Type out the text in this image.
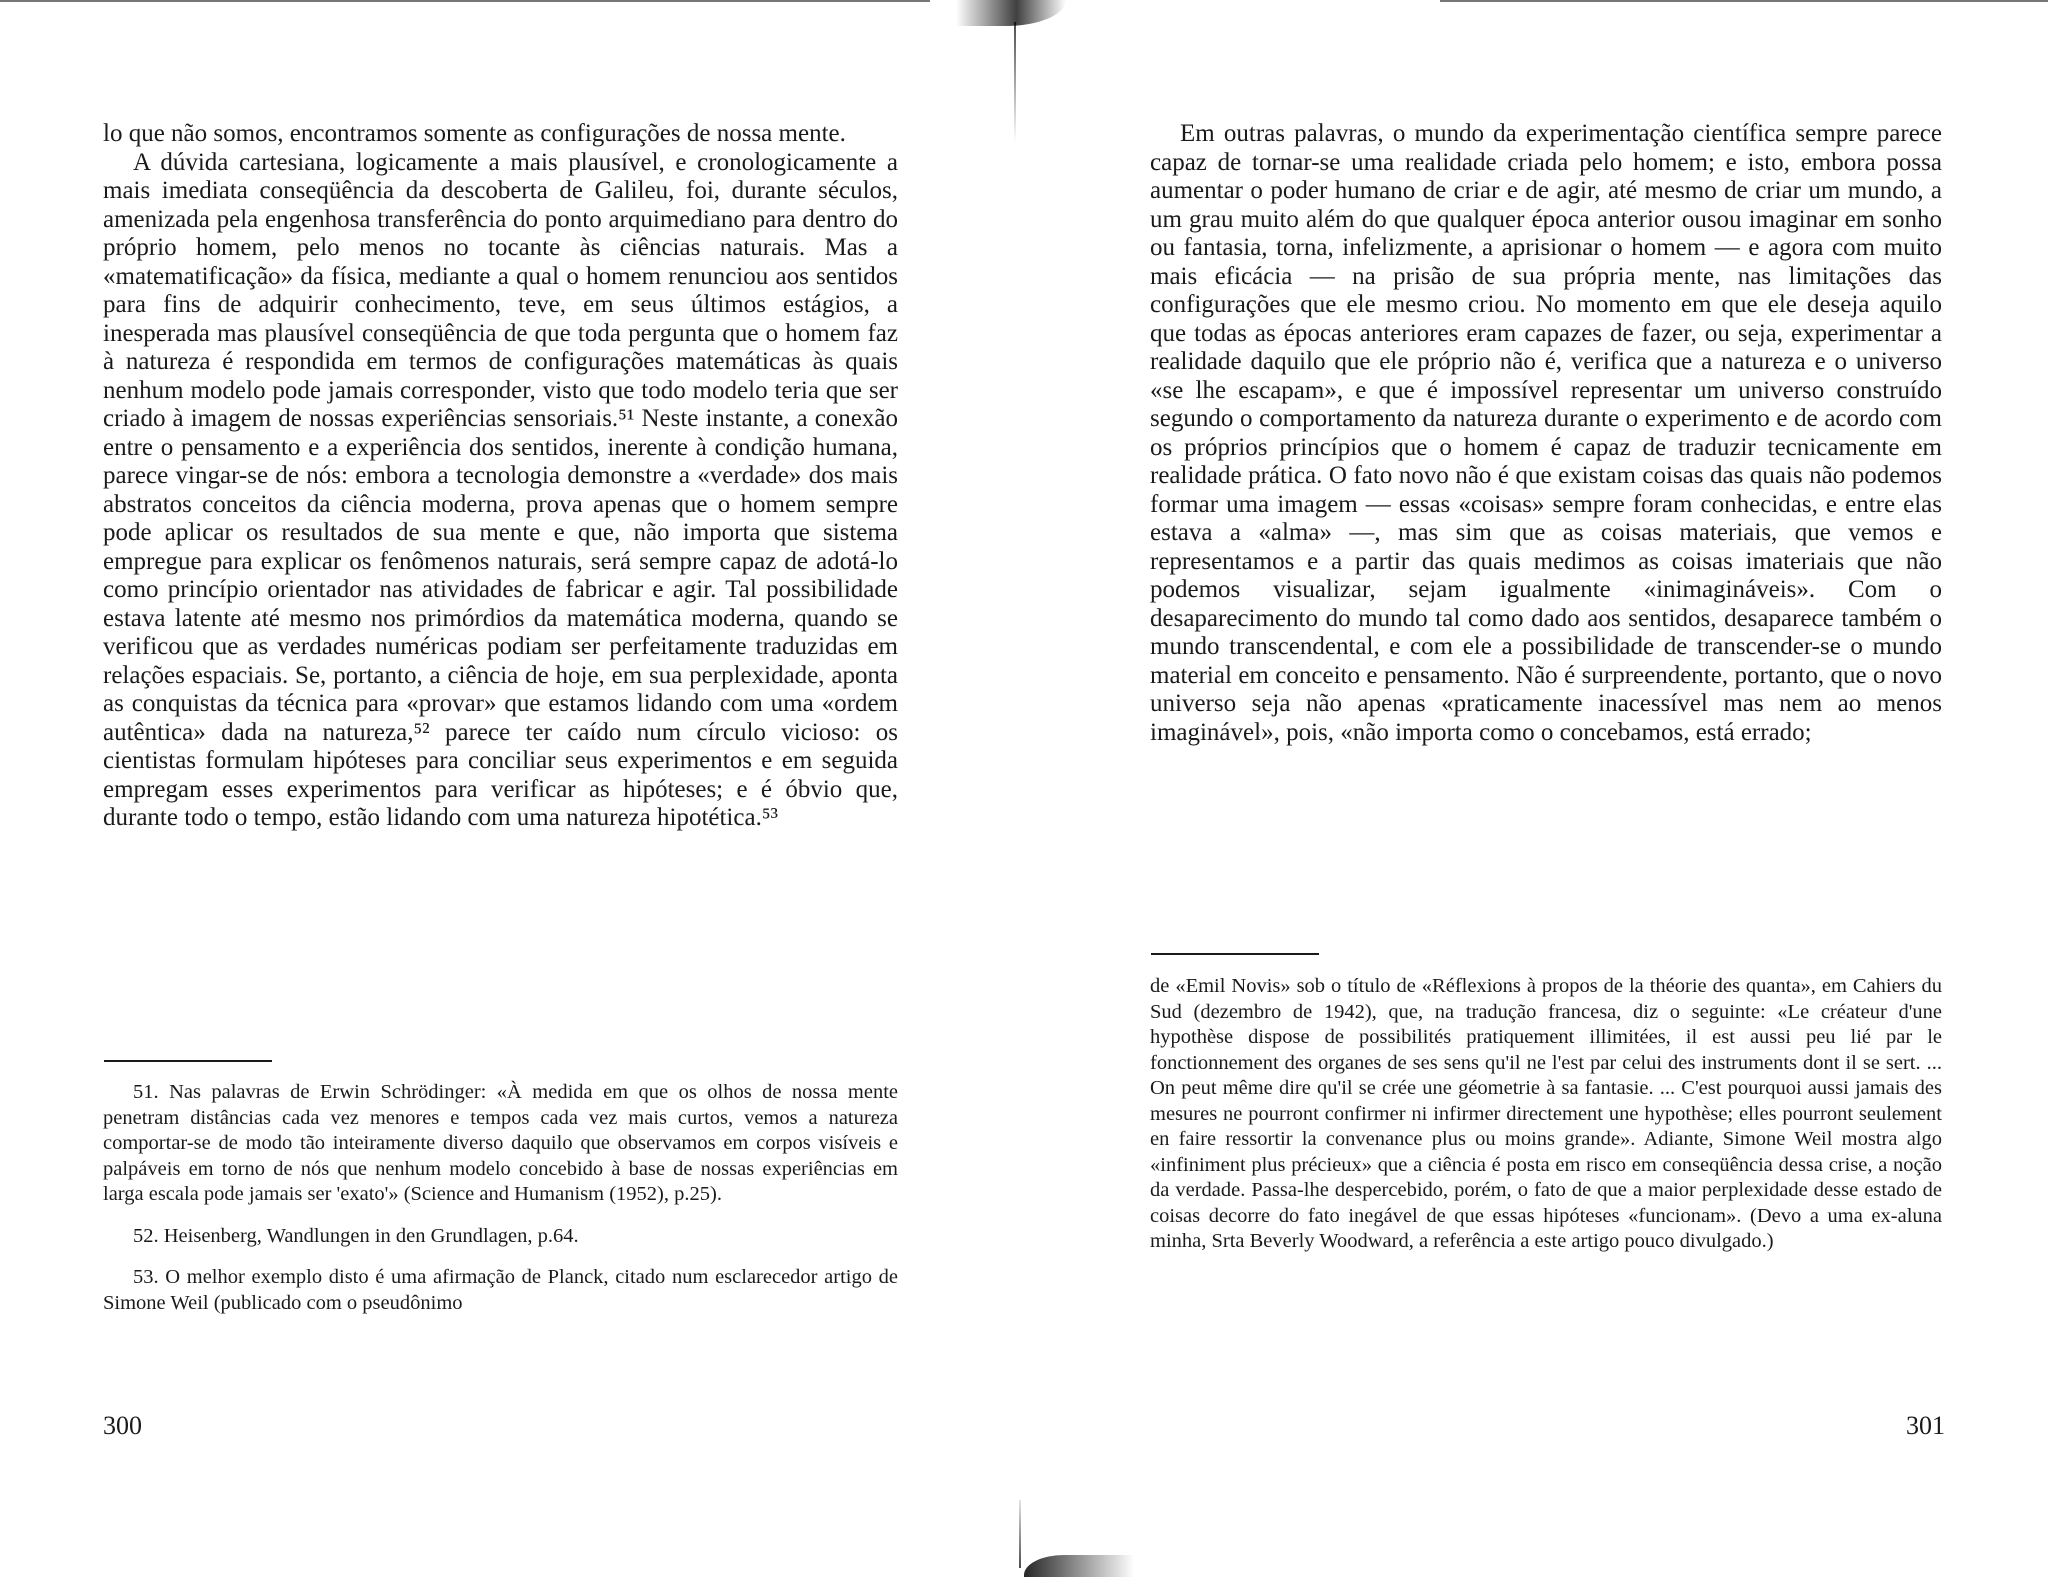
lo que não somos, encontramos somente as configurações de nossa mente.

A dúvida cartesiana, logicamente a mais plausível, e cronologicamente a mais imediata conseqüência da descoberta de Galileu, foi, durante séculos, amenizada pela engenhosa transferência do ponto arquimediano para dentro do próprio homem, pelo menos no tocante às ciências naturais. Mas a «matematificação» da física, mediante a qual o homem renunciou aos sentidos para fins de adquirir conhecimento, teve, em seus últimos estágios, a inesperada mas plausível conseqüência de que toda pergunta que o homem faz à natureza é respondida em termos de configurações matemáticas às quais nenhum modelo pode jamais corresponder, visto que todo modelo teria que ser criado à imagem de nossas experiências sensoriais.⁵¹ Neste instante, a conexão entre o pensamento e a experiência dos sentidos, inerente à condição humana, parece vingar-se de nós: embora a tecnologia demonstre a «verdade» dos mais abstratos conceitos da ciência moderna, prova apenas que o homem sempre pode aplicar os resultados de sua mente e que, não importa que sistema empregue para explicar os fenômenos naturais, será sempre capaz de adotá-lo como princípio orientador nas atividades de fabricar e agir. Tal possibilidade estava latente até mesmo nos primórdios da matemática moderna, quando se verificou que as verdades numéricas podiam ser perfeitamente traduzidas em relações espaciais. Se, portanto, a ciência de hoje, em sua perplexidade, aponta as conquistas da técnica para «provar» que estamos lidando com uma «ordem autêntica» dada na natureza,⁵² parece ter caído num círculo vicioso: os cientistas formulam hipóteses para conciliar seus experimentos e em seguida empregam esses experimentos para verificar as hipóteses; e é óbvio que, durante todo o tempo, estão lidando com uma natureza hipotética.⁵³

51. Nas palavras de Erwin Schrödinger: «À medida em que os olhos de nossa mente penetram distâncias cada vez menores e tempos cada vez mais curtos, vemos a natureza comportar-se de modo tão inteiramente diverso daquilo que observamos em corpos visíveis e palpáveis em torno de nós que nenhum modelo concebido à base de nossas experiências em larga escala pode jamais ser 'exato'» (Science and Humanism (1952), p.25).

52. Heisenberg, Wandlungen in den Grundlagen, p.64.

53. O melhor exemplo disto é uma afirmação de Planck, citado num esclarecedor artigo de Simone Weil (publicado com o pseudônimo

300

Em outras palavras, o mundo da experimentação científica sempre parece capaz de tornar-se uma realidade criada pelo homem; e isto, embora possa aumentar o poder humano de criar e de agir, até mesmo de criar um mundo, a um grau muito além do que qualquer época anterior ousou imaginar em sonho ou fantasia, torna, infelizmente, a aprisionar o homem — e agora com muito mais eficácia — na prisão de sua própria mente, nas limitações das configurações que ele mesmo criou. No momento em que ele deseja aquilo que todas as épocas anteriores eram capazes de fazer, ou seja, experimentar a realidade daquilo que ele próprio não é, verifica que a natureza e o universo «se lhe escapam», e que é impossível representar um universo construído segundo o comportamento da natureza durante o experimento e de acordo com os próprios princípios que o homem é capaz de traduzir tecnicamente em realidade prática. O fato novo não é que existam coisas das quais não podemos formar uma imagem — essas «coisas» sempre foram conhecidas, e entre elas estava a «alma» —, mas sim que as coisas materiais, que vemos e representamos e a partir das quais medimos as coisas imateriais que não podemos visualizar, sejam igualmente «inimagináveis». Com o desaparecimento do mundo tal como dado aos sentidos, desaparece também o mundo transcendental, e com ele a possibilidade de transcender-se o mundo material em conceito e pensamento. Não é surpreendente, portanto, que o novo universo seja não apenas «praticamente inacessível mas nem ao menos imaginável», pois, «não importa como o concebamos, está errado;

de «Emil Novis» sob o título de «Réflexions à propos de la théorie des quanta», em Cahiers du Sud (dezembro de 1942), que, na tradução francesa, diz o seguinte: «Le créateur d'une hypothèse dispose de possibilités pratiquement illimitées, il est aussi peu lié par le fonctionnement des organes de ses sens qu'il ne l'est par celui des instruments dont il se sert. ... On peut même dire qu'il se crée une géometrie à sa fantasie. ... C'est pourquoi aussi jamais des mesures ne pourront confirmer ni infirmer directement une hypothèse; elles pourront seulement en faire ressortir la convenance plus ou moins grande». Adiante, Simone Weil mostra algo «infiniment plus précieux» que a ciência é posta em risco em conseqüência dessa crise, a noção da verdade. Passa-lhe despercebido, porém, o fato de que a maior perplexidade desse estado de coisas decorre do fato inegável de que essas hipóteses «funcionam». (Devo a uma ex-aluna minha, Srta Beverly Woodward, a referência a este artigo pouco divulgado.)

301
